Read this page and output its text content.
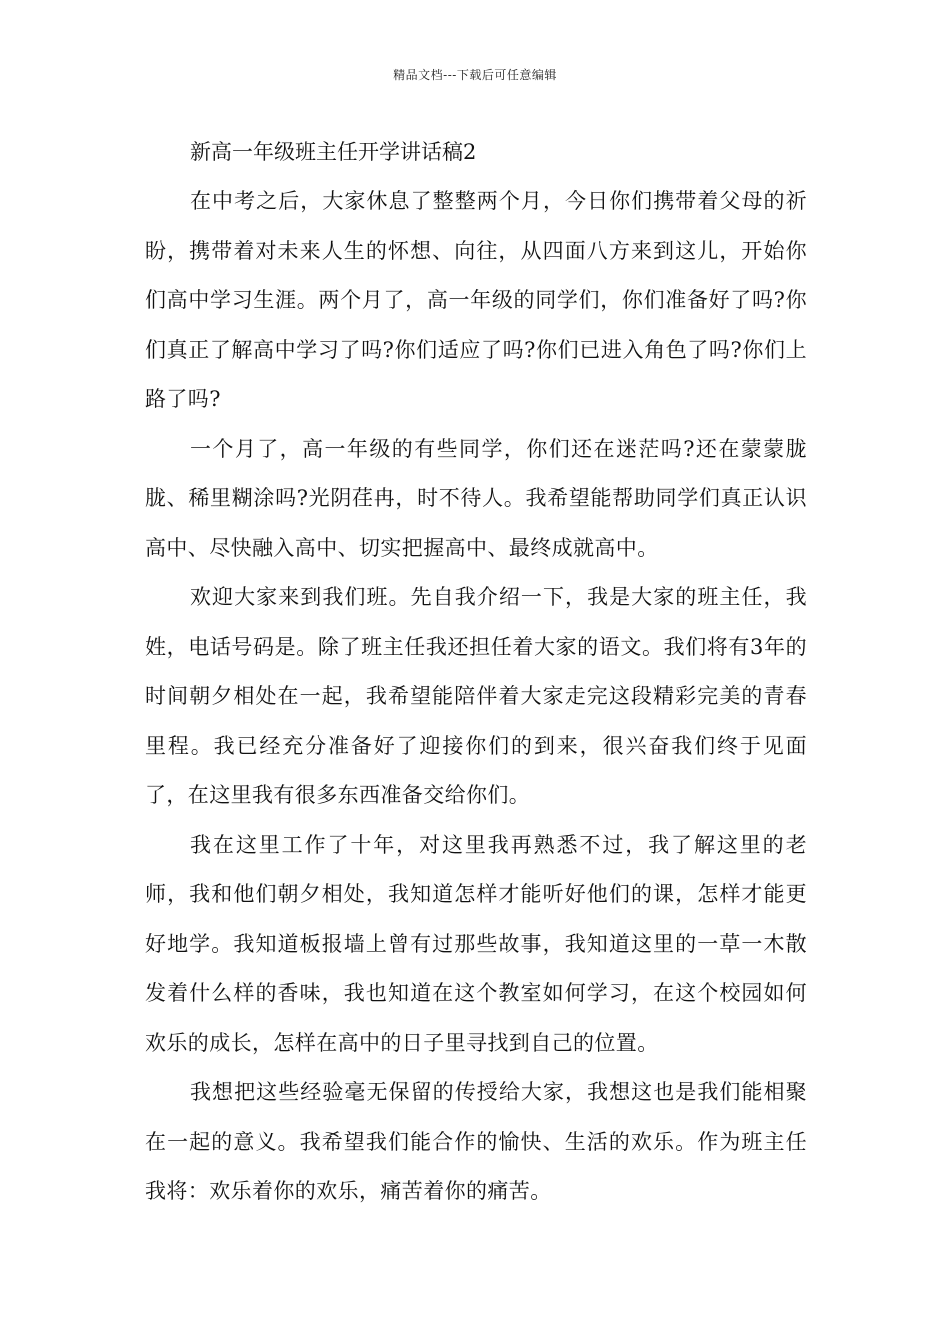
精品文档---下载后可任意编辑
新高一年级班主任开学讲话稿2

在中考之后，大家休息了整整两个月，今日你们携带着父母的祈盼，携带着对未来人生的怀想、向往，从四面八方来到这儿，开始你们高中学习生涯。两个月了，高一年级的同学们，你们准备好了吗?你们真正了解高中学习了吗?你们适应了吗?你们已进入角色了吗?你们上路了吗?

一个月了，高一年级的有些同学，你们还在迷茫吗?还在蒙蒙胧胧、稀里糊涂吗?光阴荏冉，时不待人。我希望能帮助同学们真正认识高中、尽快融入高中、切实把握高中、最终成就高中。

欢迎大家来到我们班。先自我介绍一下，我是大家的班主任，我姓，电话号码是。除了班主任我还担任着大家的语文。我们将有3年的时间朝夕相处在一起，我希望能陪伴着大家走完这段精彩完美的青春里程。我已经充分准备好了迎接你们的到来，很兴奋我们终于见面了，在这里我有很多东西准备交给你们。

我在这里工作了十年，对这里我再熟悉不过，我了解这里的老师，我和他们朝夕相处，我知道怎样才能听好他们的课，怎样才能更好地学。我知道板报墙上曾有过那些故事，我知道这里的一草一木散发着什么样的香味，我也知道在这个教室如何学习，在这个校园如何欢乐的成长，怎样在高中的日子里寻找到自己的位置。

我想把这些经验毫无保留的传授给大家，我想这也是我们能相聚在一起的意义。我希望我们能合作的愉快、生活的欢乐。作为班主任我将：欢乐着你的欢乐，痛苦着你的痛苦。
